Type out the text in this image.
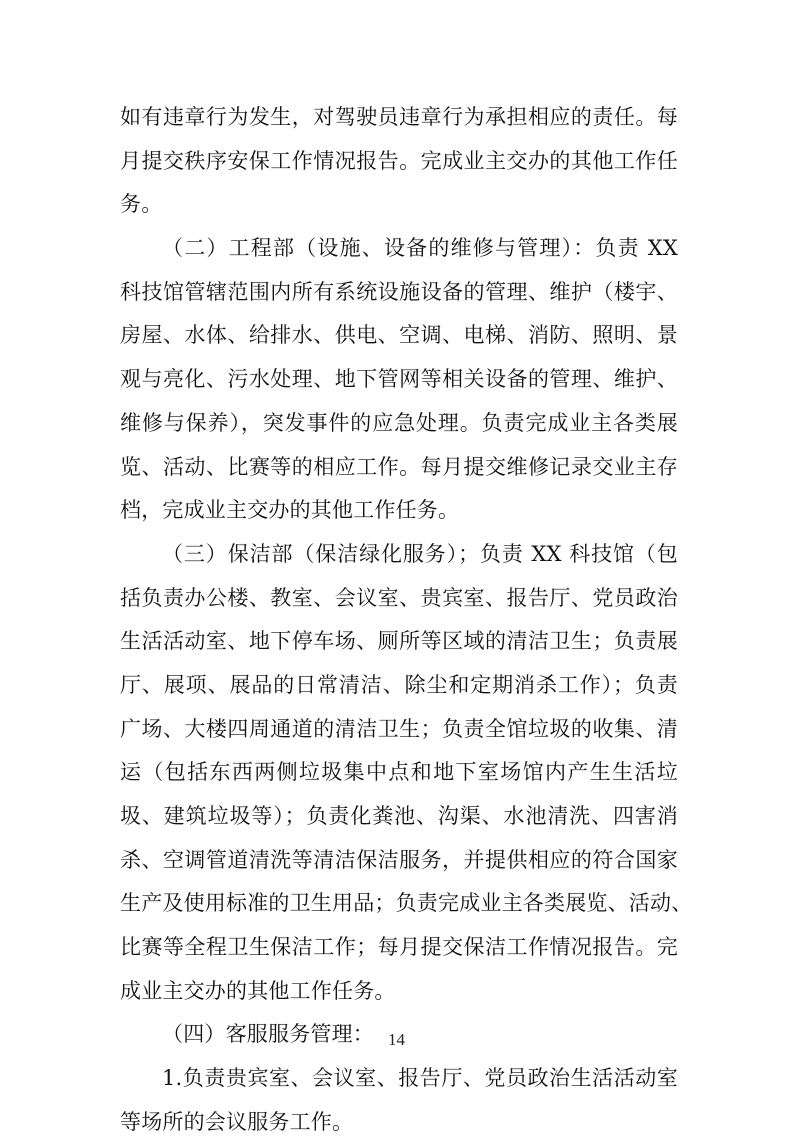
如有违章行为发生，对驾驶员违章行为承担相应的责任。每
月提交秩序安保工作情况报告。完成业主交办的其他工作任
务。
（二）工程部（设施、设备的维修与管理）：负责 XX
科技馆管辖范围内所有系统设施设备的管理、维护（楼宇、
房屋、水体、给排水、供电、空调、电梯、消防、照明、景
观与亮化、污水处理、地下管网等相关设备的管理、维护、
维修与保养），突发事件的应急处理。负责完成业主各类展
览、活动、比赛等的相应工作。每月提交维修记录交业主存
档，完成业主交办的其他工作任务。
（三）保洁部（保洁绿化服务）；负责 XX 科技馆（包
括负责办公楼、教室、会议室、贵宾室、报告厅、党员政治
生活活动室、地下停车场、厕所等区域的清洁卫生；负责展
厅、展项、展品的日常清洁、除尘和定期消杀工作）；负责
广场、大楼四周通道的清洁卫生；负责全馆垃圾的收集、清
运（包括东西两侧垃圾集中点和地下室场馆内产生生活垃
圾、建筑垃圾等）；负责化粪池、沟渠、水池清洗、四害消
杀、空调管道清洗等清洁保洁服务，并提供相应的符合国家
生产及使用标准的卫生用品；负责完成业主各类展览、活动、
比赛等全程卫生保洁工作；每月提交保洁工作情况报告。完
成业主交办的其他工作任务。
（四）客服服务管理：
1.负责贵宾室、会议室、报告厅、党员政治生活活动室
等场所的会议服务工作。
14
